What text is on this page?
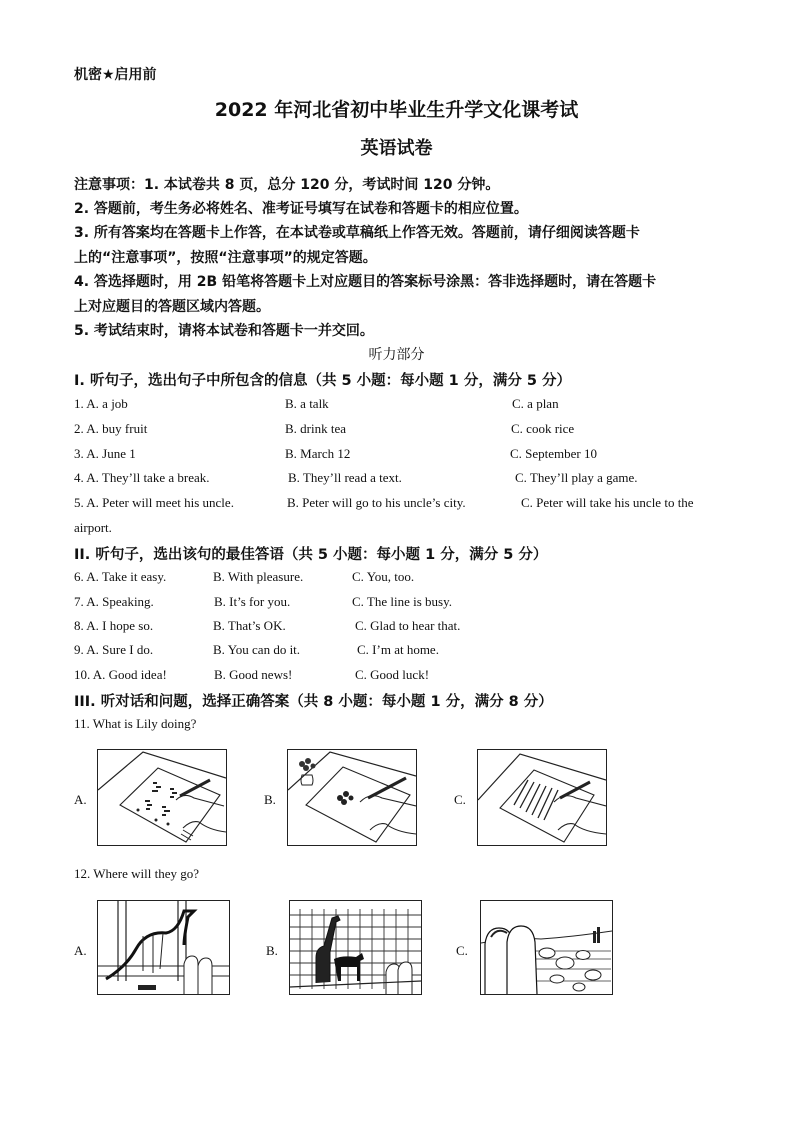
机密★启用前
2022 年河北省初中毕业生升学文化课考试
英语试卷
注意事项：1. 本试卷共 8 页，总分 120 分，考试时间 120 分钟。
2. 答题前，考生务必将姓名、准考证号填写在试卷和答题卡的相应位置。
3. 所有答案均在答题卡上作答，在本试卷或草稿纸上作答无效。答题前，请仔细阅读答题卡
上的“注意事项”，按照“注意事项”的规定答题。
4. 答选择题时，用 2B 铅笔将答题卡上对应题目的答案标号涂黑：答非选择题时，请在答题卡
上对应题目的答题区域内答题。
5. 考试结束时，请将本试卷和答题卡一并交回。
听力部分
Ⅰ. 听句子，选出句子中所包含的信息（共 5 小题：每小题 1 分，满分 5 分）
1. A. a job	B. a talk	C. a plan
2. A. buy fruit	B. drink tea	C. cook rice
3. A. June 1	B. March 12	C. September 10
4. A. They’ll take a break.	B. They’ll read a text.	C. They’ll play a game.
5. A. Peter will meet his uncle.	B. Peter will go to his uncle’s city.	C. Peter will take his uncle to the
airport.
II. 听句子，选出该句的最佳答语（共 5 小题：每小题 1 分，满分 5 分）
6. A. Take it easy.	B. With pleasure.	C. You, too.
7. A. Speaking.	B. It’s for you.	C. The line is busy.
8. A. I hope so.	B. That’s OK.	C. Glad to hear that.
9. A. Sure I do.	B. You can do it.	C. I’m at home.
10. A. Good idea!	B. Good news!	C. Good luck!
III. 听对话和问题，选择正确答案（共 8 小题：每小题 1 分，满分 8 分）
11. What is Lily doing?
A.	B.	C.
12. Where will they go?
A.	B.	C.
